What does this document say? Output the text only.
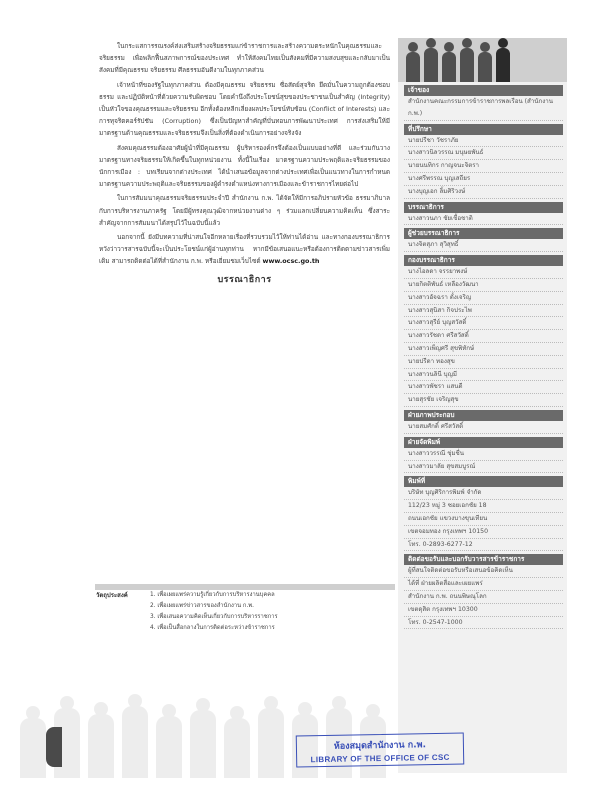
ในกระแสการรณรงค์ส่งเสริมสร้างจริยธรรมแก่ข้าราชการและสร้างความตระหนักในคุณธรรมและจริยธรรม เพื่อพลิกฟื้นสภาพการณ์ของประเทศ ทำให้สังคมไทยเป็นสังคมที่มีความสงบสุขและกลับมาเป็นสังคมที่มีคุณธรรม จริยธรรม ศีลธรรมอันดีงามในทุกภาคส่วน

เจ้าหน้าที่ของรัฐในทุกภาคส่วน ต้องมีคุณธรรม จริยธรรม ซื่อสัตย์สุจริต ยึดมั่นในความถูกต้องชอบธรรม และปฏิบัติหน้าที่ด้วยความรับผิดชอบ โดยคำนึงถึงประโยชน์สุขของประชาชนเป็นสำคัญ (Integrity) เป็นหัวใจของคุณธรรมและจริยธรรม อีกทั้งต้องหลีกเลี่ยงผลประโยชน์ทับซ้อน (Conflict of Interests) และการทุจริตคอร์รัปชัน (Corruption) ซึ่งเป็นปัญหาสำคัญที่บั่นทอนการพัฒนาประเทศ การส่งเสริมให้มีมาตรฐานด้านคุณธรรมและจริยธรรมจึงเป็นสิ่งที่ต้องดำเนินการอย่างจริงจัง

สังคมคุณธรรมต้องอาศัยผู้นำที่มีคุณธรรม ผู้บริหารองค์กรจึงต้องเป็นแบบอย่างที่ดี และร่วมกันวางมาตรฐานทางจริยธรรมให้เกิดขึ้นในทุกหน่วยงาน ทั้งนี้ในเรื่อง มาตรฐานความประพฤติและจริยธรรมของนักการเมือง : บทเรียนจากต่างประเทศ ได้นำเสนอข้อมูลจากต่างประเทศเพื่อเป็นแนวทางในการกำหนดมาตรฐานความประพฤติและจริยธรรมของผู้ดำรงตำแหน่งทางการเมืองและข้าราชการไทยต่อไป

ในการสัมมนาคุณธรรมจริยธรรมประจำปี สำนักงาน ก.พ. ได้จัดให้มีการอภิปรายหัวข้อ ธรรมาภิบาลกับการบริหารงานภาครัฐ โดยมีผู้ทรงคุณวุฒิจากหน่วยงานต่าง ๆ ร่วมแลกเปลี่ยนความคิดเห็น ซึ่งสาระสำคัญจากการสัมมนาได้สรุปไว้ในฉบับนี้แล้ว

นอกจากนี้ ยังมีบทความที่น่าสนใจอีกหลายเรื่องที่รวบรวมไว้ให้ท่านได้อ่าน และทางกองบรรณาธิการหวังว่าวารสารฉบับนี้จะเป็นประโยชน์แก่ผู้อ่านทุกท่าน หากมีข้อเสนอแนะหรือต้องการติดตามข่าวสารเพิ่มเติม สามารถติดต่อได้ที่สำนักงาน ก.พ. หรือเยี่ยมชมเว็บไซต์ www.ocsc.go.th

บรรณาธิการ
เจ้าของ
สำนักงานคณะกรรมการข้าราชการพลเรือน (สำนักงาน ก.พ.)
ที่ปรึกษา
นายปรีชา วัชราภัย
นางสาวนิลวรรณ มนุษยพันธ์
นายนนทิกร กาญจนะจิตรา
นางศรีพรรณ บุญเสถียร
นางบุญเอก ลิ้มศิริวงษ์
บรรณาธิการ
นางสาวนภา ชัยเชื้อชาติ
ผู้ช่วยบรรณาธิการ
นางจิตสุภา สุวิสุทธิ์
กองบรรณาธิการ
นางไอลดา จรรยาพงษ์
นายกิตติพันธ์ เหลืองวัฒนา
นางสาวอัจฉรา ตั้งเจริญ
นางสาวสุนิสา กิจประไพ
นางสาวสุรีย์ บุญสวัสดิ์
นางสาวรัชดา ศรีสวัสดิ์
นางสาวเพ็ญศรี สุขพิทักษ์
นายปรีดา ทองสุข
นางสาวนลินี บุญมี
นางสาวพัชรา แสนดี
นายสุรชัย เจริญสุข
ฝ่ายภาพประกอบ
นายสมศักดิ์ ศรีสวัสดิ์
ฝ่ายจัดพิมพ์
นางสาววรรณี ชุ่มชื่น
นางสาวมาลัย สุขสมบูรณ์
พิมพ์ที่
บริษัท บุญศิริการพิมพ์ จำกัด
112/23 หมู่ 3 ซอยเอกชัย 18
ถนนเอกชัย แขวงบางขุนเทียน
เขตจอมทอง กรุงเทพฯ 10150
โทร. 0-2893-6277-12
ติดต่อขอรับและบอกรับวารสารข้าราชการ
ผู้ที่สนใจติดต่อขอรับหรือเสนอข้อคิดเห็น
ได้ที่ ฝ่ายผลิตสื่อและเผยแพร่
สำนักงาน ก.พ. ถนนพิษณุโลก
เขตดุสิต กรุงเทพฯ 10300
โทร. 0-2547-1000
วัตถุประสงค์	1. เพื่อเผยแพร่ความรู้เกี่ยวกับการบริหารงานบุคคล
2. เพื่อเผยแพร่ข่าวสารของสำนักงาน ก.พ.
3. เพื่อเสนอความคิดเห็นเกี่ยวกับการบริหารราชการ
4. เพื่อเป็นสื่อกลางในการติดต่อระหว่างข้าราชการ
ห้องสมุดสำนักงาน ก.พ.
LIBRARY OF THE OFFICE OF CSC
